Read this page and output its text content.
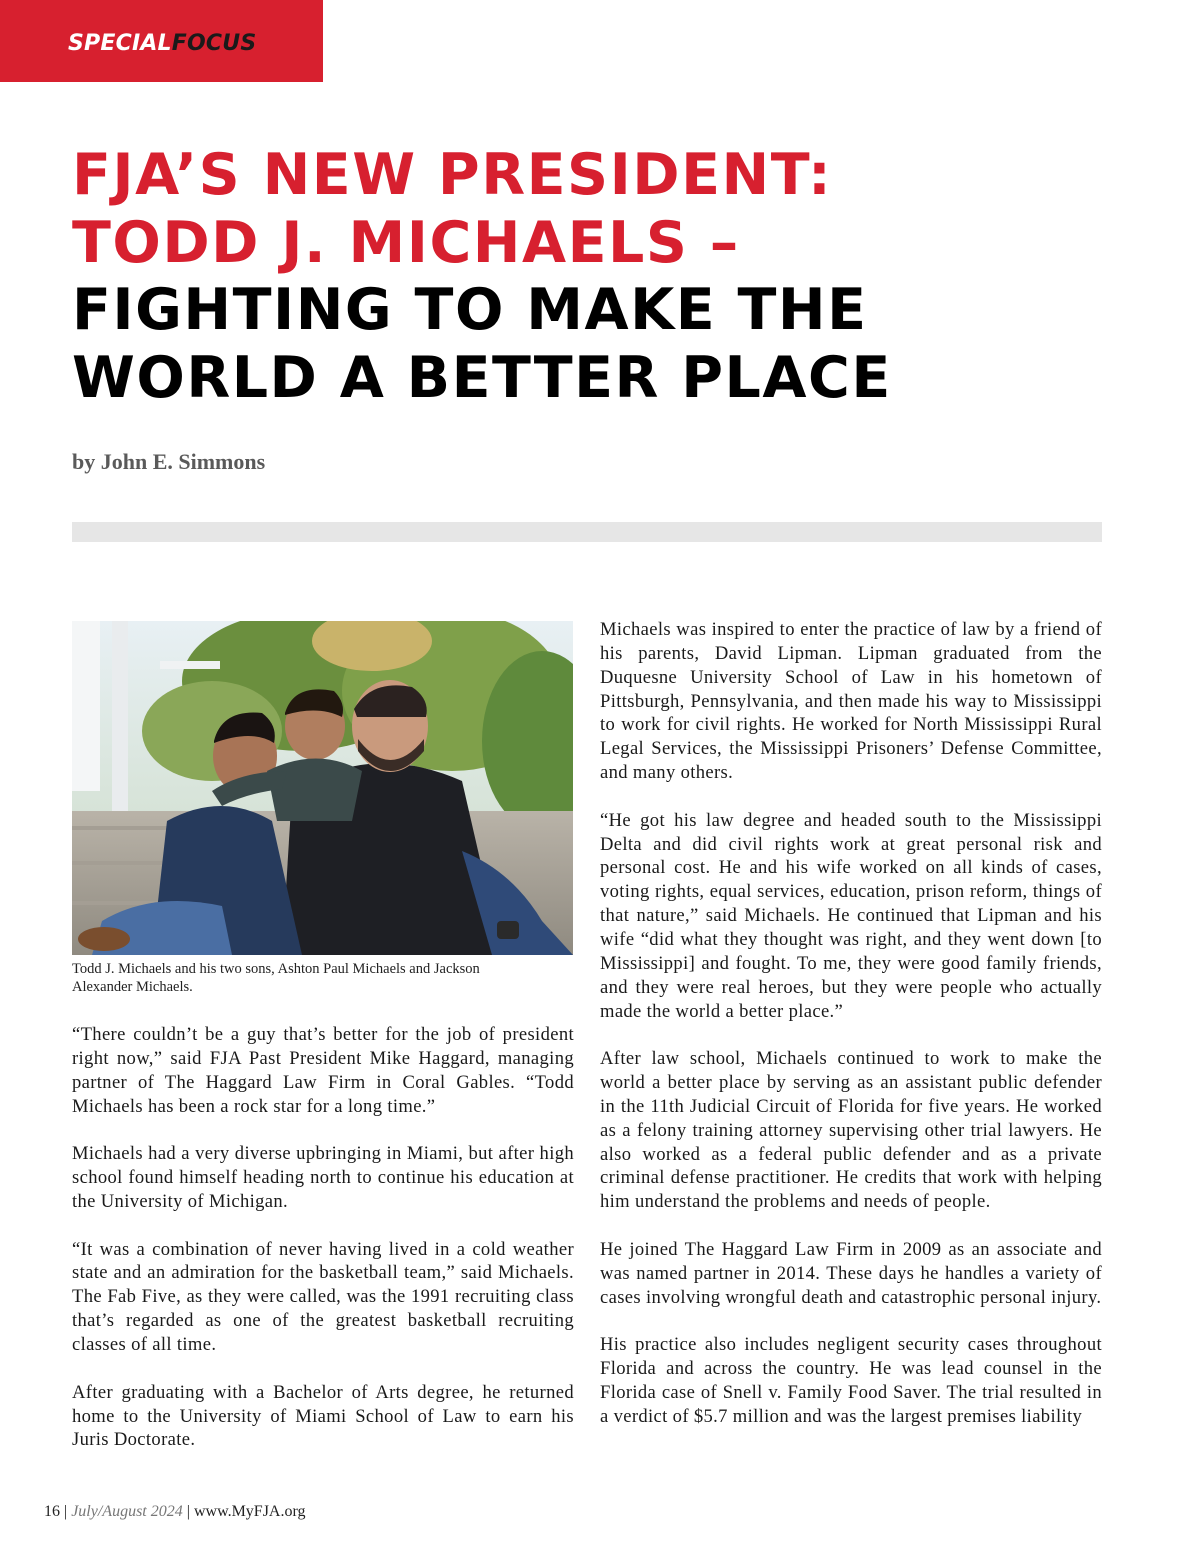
SPECIALFOCUS
FJA’S NEW PRESIDENT:
TODD J. MICHAELS –
FIGHTING TO MAKE THE
WORLD A BETTER PLACE
by John E. Simmons
Todd J. Michaels and his two sons, Ashton Paul Michaels and Jackson Alexander Michaels.

“There couldn’t be a guy that’s better for the job of president right now,” said FJA Past President Mike Haggard, managing partner of The Haggard Law Firm in Coral Gables. “Todd Michaels has been a rock star for a long time.”

Michaels had a very diverse upbringing in Miami, but after high school found himself heading north to continue his education at the University of Michigan.

“It was a combination of never having lived in a cold weather state and an admiration for the basketball team,” said Michaels. The Fab Five, as they were called, was the 1991 recruiting class that’s regarded as one of the greatest basketball recruiting classes of all time.

After graduating with a Bachelor of Arts degree, he returned home to the University of Miami School of Law to earn his Juris Doctorate.

Michaels was inspired to enter the practice of law by a friend of his parents, David Lipman. Lipman graduated from the Duquesne University School of Law in his hometown of Pittsburgh, Pennsylvania, and then made his way to Mississippi to work for civil rights. He worked for North Mississippi Rural Legal Services, the Mississippi Prisoners’ Defense Committee, and many others.

“He got his law degree and headed south to the Mississippi Delta and did civil rights work at great personal risk and personal cost. He and his wife worked on all kinds of cases, voting rights, equal services, education, prison reform, things of that nature,” said Michaels. He continued that Lipman and his wife “did what they thought was right, and they went down [to Mississippi] and fought. To me, they were good family friends, and they were real heroes, but they were people who actually made the world a better place.”

After law school, Michaels continued to work to make the world a better place by serving as an assistant public defender in the 11th Judicial Circuit of Florida for five years. He worked as a felony training attorney supervising other trial lawyers. He also worked as a federal public defender and as a private criminal defense practitioner. He credits that work with helping him understand the problems and needs of people.

He joined The Haggard Law Firm in 2009 as an associate and was named partner in 2014. These days he handles a variety of cases involving wrongful death and catastrophic personal injury.

His practice also includes negligent security cases throughout Florida and across the country. He was lead counsel in the Florida case of Snell v. Family Food Saver. The trial resulted in a verdict of $5.7 million and was the largest premises liability

16 | July/August 2024 | www.MyFJA.org
